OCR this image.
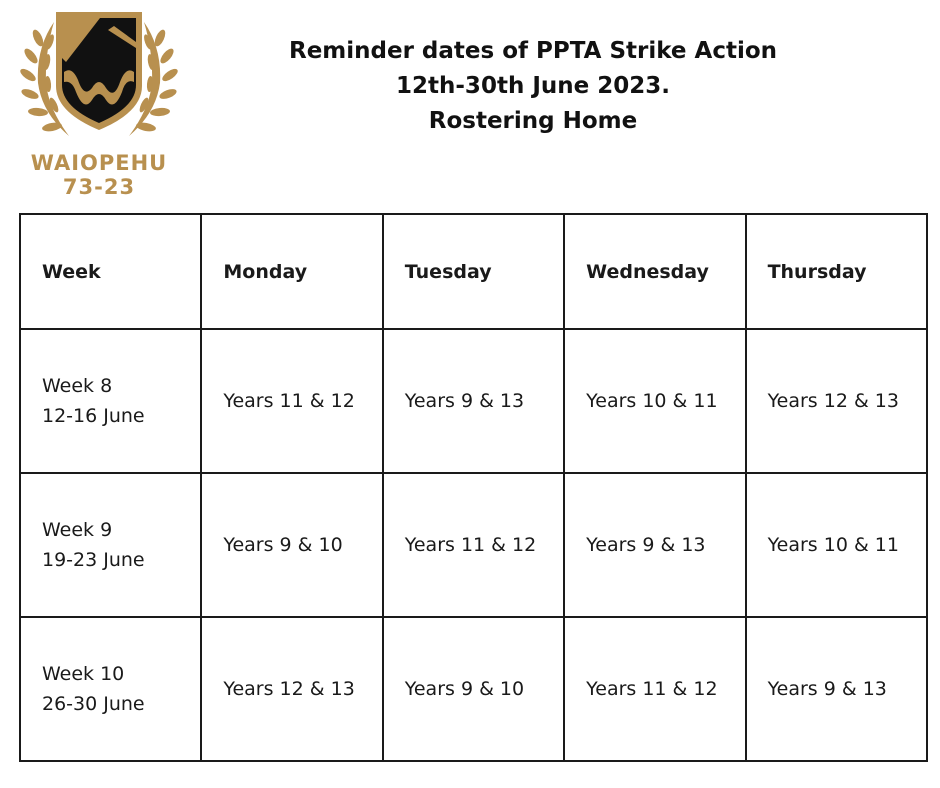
WAIOPEHU
73-23
Reminder dates of PPTA Strike Action
12th-30th June 2023.
Rostering Home
Week	Monday	Tuesday	Wednesday	Thursday

Week 8
12-16 June	Years 11 & 12	Years 9 & 13	Years 10 & 11	Years 12 & 13

Week 9
19-23 June	Years 9 & 10	Years 11 & 12	Years 9 & 13	Years 10 & 11

Week 10
26-30 June	Years 12 & 13	Years 9 & 10	Years 11 & 12	Years 9 & 13
